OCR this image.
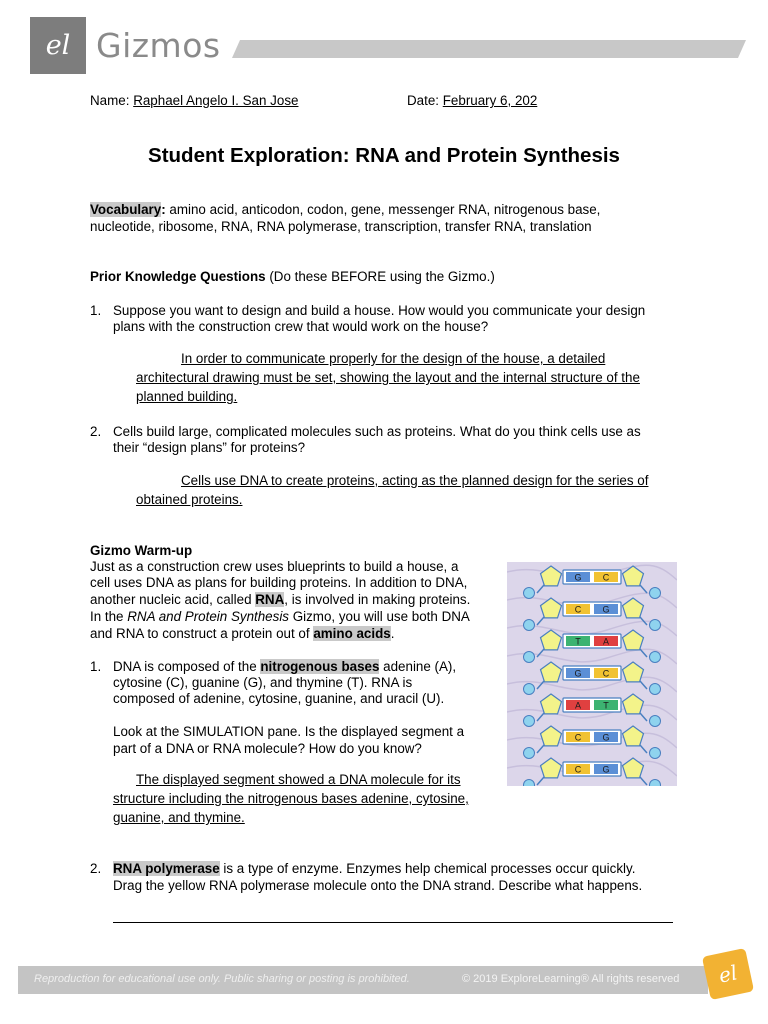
el Gizmos
Name: Raphael Angelo I. San Jose	Date: February 6, 202
Student Exploration: RNA and Protein Synthesis
Vocabulary: amino acid, anticodon, codon, gene, messenger RNA, nitrogenous base,
nucleotide, ribosome, RNA, RNA polymerase, transcription, transfer RNA, translation
Prior Knowledge Questions (Do these BEFORE using the Gizmo.)
1. Suppose you want to design and build a house. How would you communicate your design
plans with the construction crew that would work on the house?
In order to communicate properly for the design of the house, a detailed
architectural drawing must be set, showing the layout and the internal structure of the
planned building.
2. Cells build large, complicated molecules such as proteins. What do you think cells use as
their “design plans” for proteins?
Cells use DNA to create proteins, acting as the planned design for the series of
obtained proteins.
Gizmo Warm-up
Just as a construction crew uses blueprints to build a house, a
cell uses DNA as plans for building proteins. In addition to DNA,
another nucleic acid, called RNA, is involved in making proteins.
In the RNA and Protein Synthesis Gizmo, you will use both DNA
and RNA to construct a protein out of amino acids.
1. DNA is composed of the nitrogenous bases adenine (A),
cytosine (C), guanine (G), and thymine (T). RNA is
composed of adenine, cytosine, guanine, and uracil (U).
Look at the SIMULATION pane. Is the displayed segment a
part of a DNA or RNA molecule? How do you know?
The displayed segment showed a DNA molecule for its
structure including the nitrogenous bases adenine, cytosine,
guanine, and thymine.
2. RNA polymerase is a type of enzyme. Enzymes help chemical processes occur quickly.
Drag the yellow RNA polymerase molecule onto the DNA strand. Describe what happens.
G C
C G
T A
G C
A T
C G
C G
Reproduction for educational use only. Public sharing or posting is prohibited.	© 2019 ExploreLearning® All rights reserved	el
